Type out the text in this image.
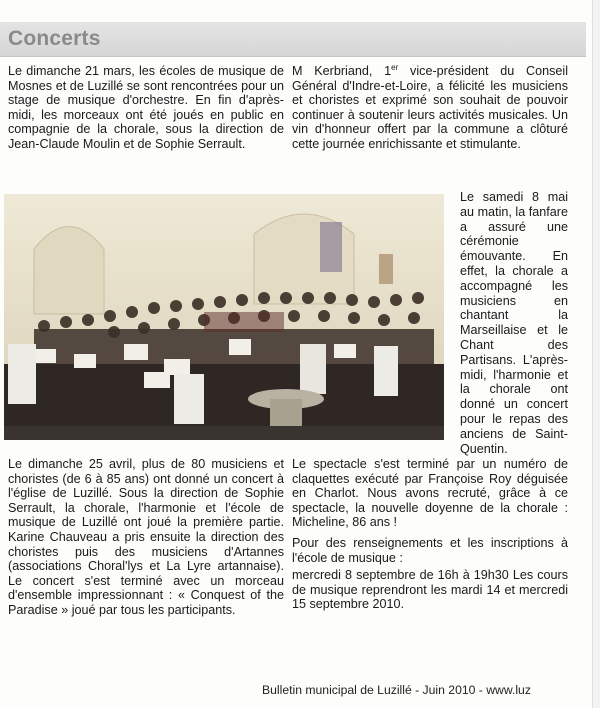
Concerts

Le dimanche 21 mars, les écoles de musique de Mosnes et de Luzillé se sont rencontrées pour un stage de musique d'orchestre. En fin d'après-midi, les morceaux ont été joués en public en compagnie de la chorale, sous la direction de Jean-Claude Moulin et de Sophie Serrault.

M Kerbriand, 1er vice-président du Conseil Général d'Indre-et-Loire, a félicité les musiciens et choristes et exprimé son souhait de pouvoir continuer à soutenir leurs activités musicales. Un vin d'honneur offert par la commune a clôturé cette journée enrichissante et stimulante.

Le samedi 8 mai au matin, la fanfare a assuré une cérémonie émouvante. En effet, la chorale a accompagné les musiciens en chantant la Marseillaise et le Chant des Partisans. L'après-midi, l'harmonie et la chorale ont donné un concert pour le repas des anciens de Saint-Quentin.

Le dimanche 25 avril, plus de 80 musiciens et choristes (de 6 à 85 ans) ont donné un concert à l'église de Luzillé. Sous la direction de Sophie Serrault, la chorale, l'harmonie et l'école de musique de Luzillé ont joué la première partie. Karine Chauveau a pris ensuite la direction des choristes puis des musiciens d'Artannes (associations Choral'lys et La Lyre artannaise). Le concert s'est terminé avec un morceau d'ensemble impressionnant : « Conquest of the Paradise » joué par tous les participants.

Le spectacle s'est terminé par un numéro de claquettes exécuté par Françoise Roy déguisée en Charlot. Nous avons recruté, grâce à ce spectacle, la nouvelle doyenne de la chorale : Micheline, 86 ans !

Pour des renseignements et les inscriptions à l'école de musique :

mercredi 8 septembre de 16h à 19h30 Les cours de musique reprendront les mardi 14 et mercredi 15 septembre 2010.

Bulletin municipal de Luzillé - Juin 2010 - www.luz
